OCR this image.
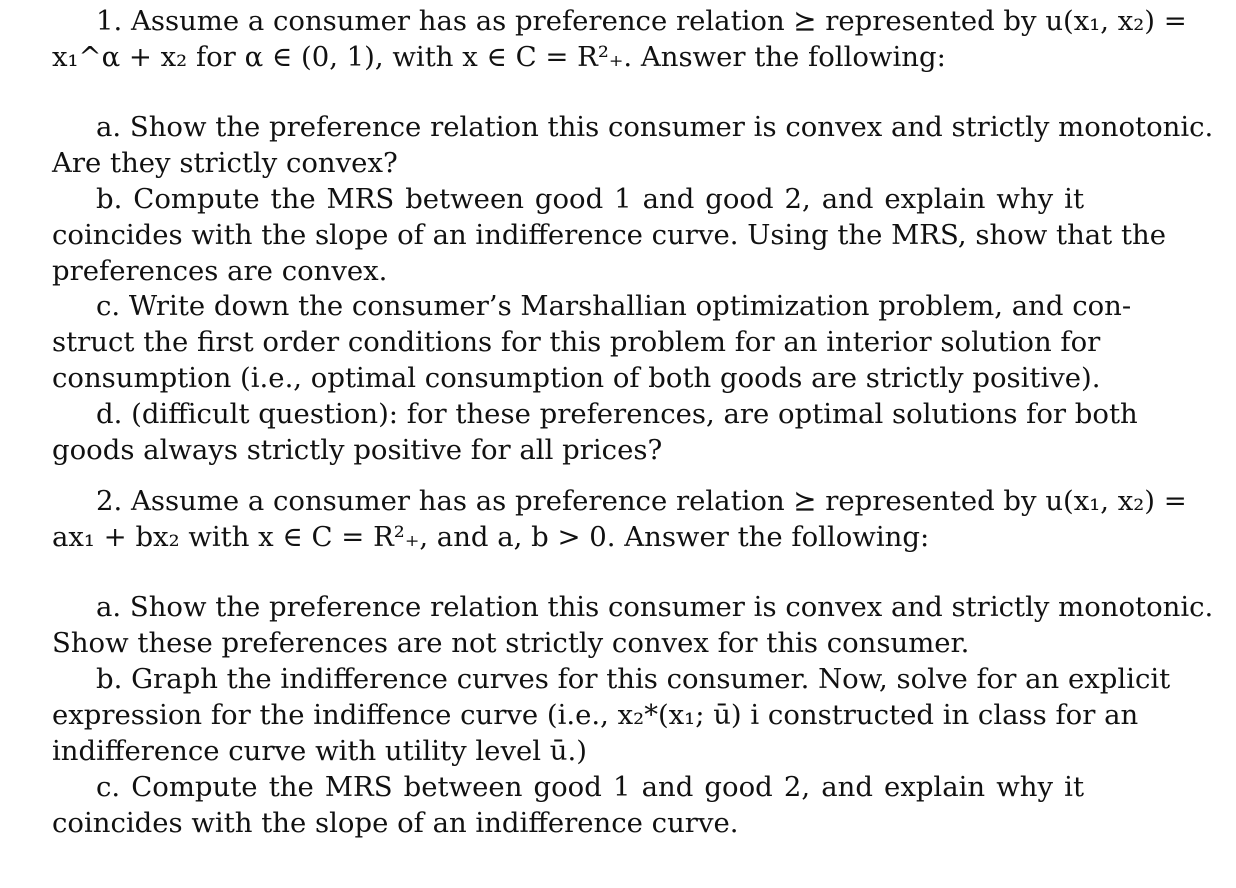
1. Assume a consumer has as preference relation ⪰ represented by u(x₁, x₂) =
x₁^α + x₂ for α ∈ (0, 1), with x ∈ C = R²₊. Answer the following:
a. Show the preference relation this consumer is convex and strictly monotonic.
Are they strictly convex?
b. Compute the MRS between good 1 and good 2, and explain why it
coincides with the slope of an indifference curve. Using the MRS, show that the
preferences are convex.
c. Write down the consumer’s Marshallian optimization problem, and con-
struct the first order conditions for this problem for an interior solution for
consumption (i.e., optimal consumption of both goods are strictly positive).
d. (difficult question): for these preferences, are optimal solutions for both
goods always strictly positive for all prices?
2. Assume a consumer has as preference relation ⪰ represented by u(x₁, x₂) =
ax₁ + bx₂ with x ∈ C = R²₊, and a, b > 0. Answer the following:
a. Show the preference relation this consumer is convex and strictly monotonic.
Show these preferences are not strictly convex for this consumer.
b. Graph the indifference curves for this consumer. Now, solve for an explicit
expression for the indiffence curve (i.e., x₂*(x₁; ū) i constructed in class for an
indifference curve with utility level ū.)
c. Compute the MRS between good 1 and good 2, and explain why it
coincides with the slope of an indifference curve.
